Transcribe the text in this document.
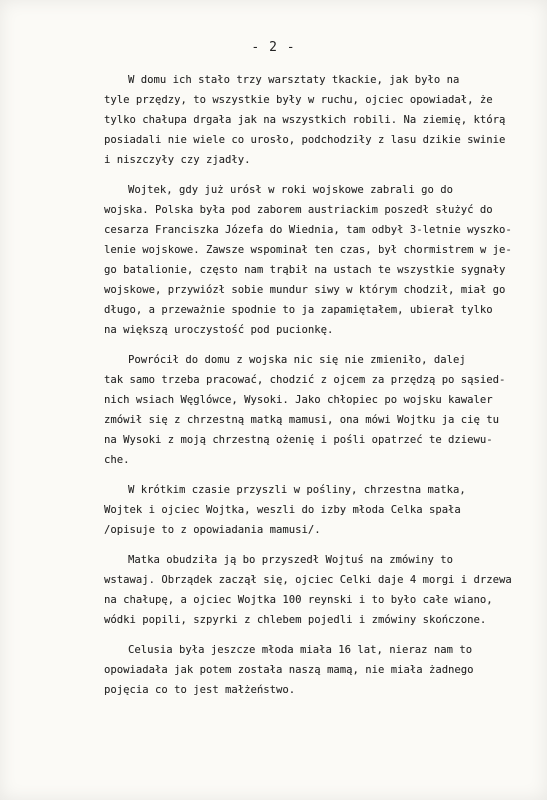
- 2 -
W domu ich stało trzy warsztaty tkackie, jak było na
tyle przędzy, to wszystkie były w ruchu, ojciec opowiadał, że
tylko chałupa drgała jak na wszystkich robili. Na ziemię, którą
posiadali nie wiele co urosło, podchodziły z lasu dzikie swinie
i niszczyły czy zjadły.
Wojtek, gdy już urósł w roki wojskowe zabrali go do
wojska. Polska była pod zaborem austriackim poszedł służyć do
cesarza Franciszka Józefa do Wiednia, tam odbył 3-letnie wyszko-
lenie wojskowe. Zawsze wspominał ten czas, był chormistrem w je-
go batalionie, często nam trąbił na ustach te wszystkie sygnały
wojskowe, przywiózł sobie mundur siwy w którym chodził, miał go
długo, a przeważnie spodnie to ja zapamiętałem, ubierał tylko
na większą uroczystość pod pucionkę.
Powrócił do domu z wojska nic się nie zmieniło, dalej
tak samo trzeba pracować, chodzić z ojcem za przędzą po sąsied-
nich wsiach Węglówce, Wysoki. Jako chłopiec po wojsku kawaler
zmówił się z chrzestną matką mamusi, ona mówi Wojtku ja cię tu
na Wysoki z moją chrzestną ożenię i pośli opatrzeć te dziewu-
che.
W krótkim czasie przyszli w pośliny, chrzestna matka,
Wojtek i ojciec Wojtka, weszli do izby młoda Celka spała
/opisuje to z opowiadania mamusi/.
Matka obudziła ją bo przyszedł Wojtuś na zmówiny to
wstawaj. Obrządek zaczął się, ojciec Celki daje 4 morgi i drzewa
na chałupę, a ojciec Wojtka 100 reynski i to było całe wiano,
wódki popili, szpyrki z chlebem pojedli i zmówiny skończone.
Celusia była jeszcze młoda miała 16 lat, nieraz nam to
opowiadała jak potem została naszą mamą, nie miała żadnego
pojęcia co to jest małżeństwo.
